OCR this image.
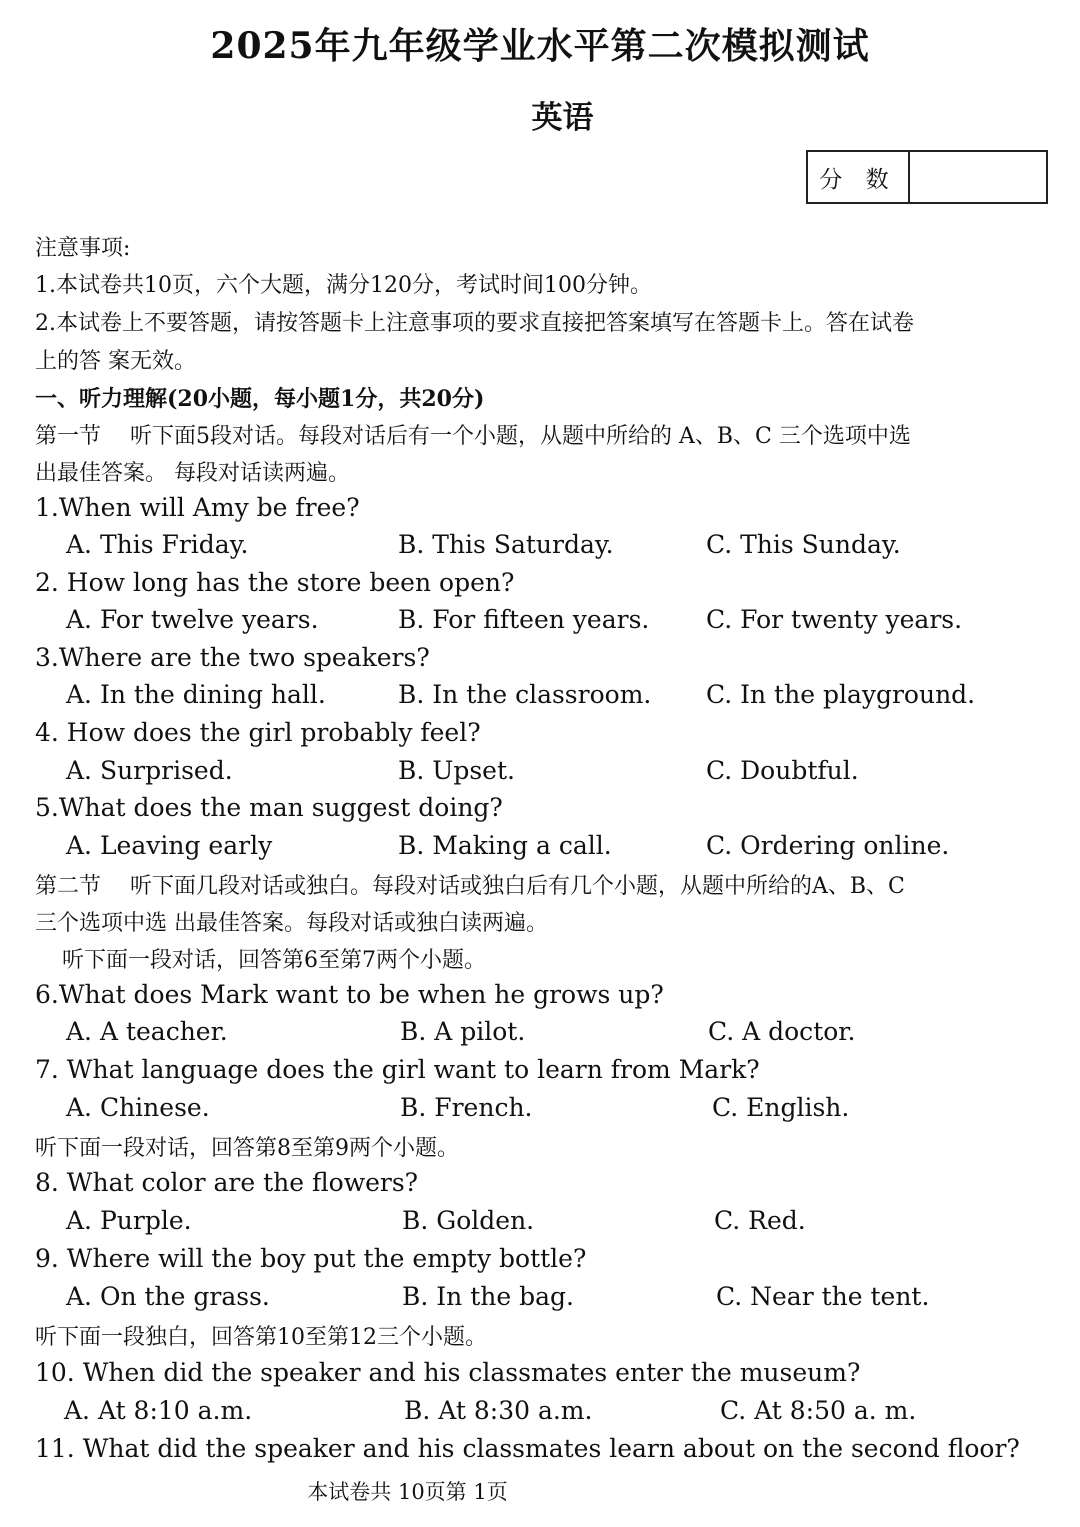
2025年九年级学业水平第二次模拟测试
英语
分 数
注意事项:
1.本试卷共10页，六个大题，满分120分，考试时间100分钟。
2.本试卷上不要答题，请按答题卡上注意事项的要求直接把答案填写在答题卡上。答在试卷
上的答 案无效。
一、听力理解(20小题，每小题1分，共20分)
第一节　 听下面5段对话。每段对话后有一个小题，从题中所给的 A、B、C 三个选项中选
出最佳答案。 每段对话读两遍。
1.When will Amy be free?
A. This Friday.	B. This Saturday.	C. This Sunday.
2. How long has the store been open?
A. For twelve years.	B. For fifteen years. C. For twenty years.
3.Where are the two speakers?
A. In the dining hall.	B. In the classroom. C. In the playground.
4. How does the girl probably feel?
A. Surprised.	B. Upset.	C. Doubtful.
5.What does the man suggest doing?
A. Leaving early	B. Making a call.	C. Ordering online.
第二节　 听下面几段对话或独白。每段对话或独白后有几个小题，从题中所给的A、B、C
三个选项中选 出最佳答案。每段对话或独白读两遍。
听下面一段对话，回答第6至第7两个小题。
6.What does Mark want to be when he grows up?
A. A teacher.	B. A pilot.	C. A doctor.
7. What language does the girl want to learn from Mark?
A. Chinese.	B. French.	C. English.
听下面一段对话，回答第8至第9两个小题。
8. What color are the flowers?
A. Purple.	B. Golden.	C. Red.
9. Where will the boy put the empty bottle?
A. On the grass.	B. In the bag.	C. Near the tent.
听下面一段独白，回答第10至第12三个小题。
10. When did the speaker and his classmates enter the museum?
A. At 8:10 a.m.	B. At 8:30 a.m.	C. At 8:50 a. m.
11. What did the speaker and his classmates learn about on the second floor?
本试卷共 10页第 1页
